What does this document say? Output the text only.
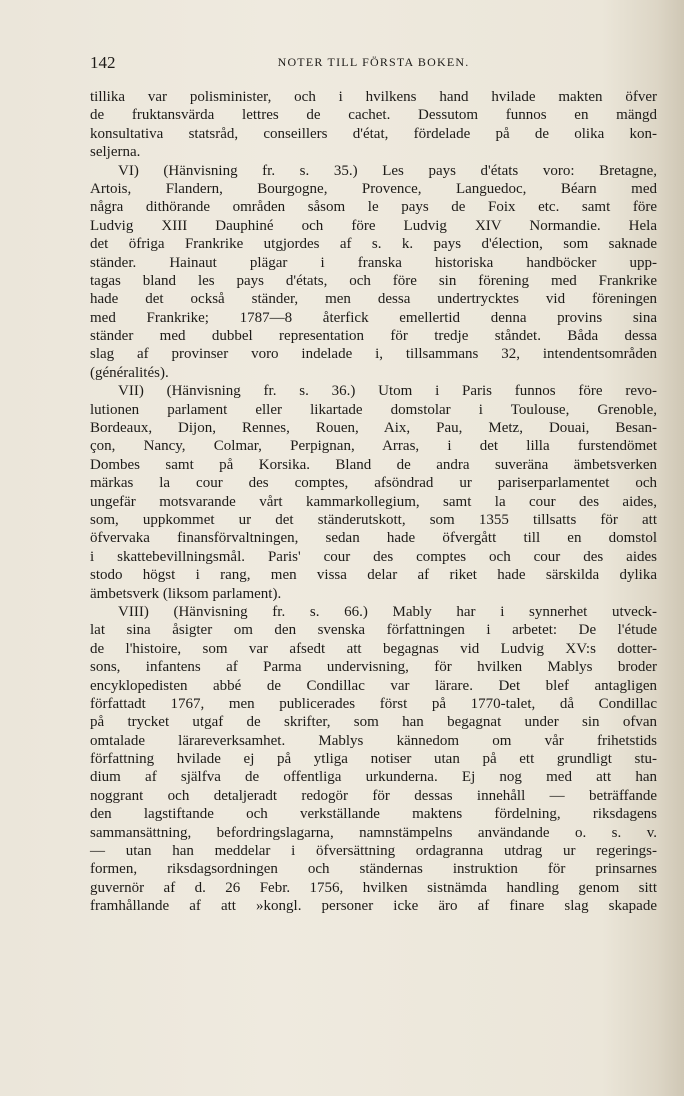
142	NOTER TILL FÖRSTA BOKEN.
tillika var polisminister, och i hvilkens hand hvilade makten öfver
de fruktansvärda lettres de cachet. Dessutom funnos en mängd
konsultativa statsråd, conseillers d'état, fördelade på de olika kon-
seljerna.
VI) (Hänvisning fr. s. 35.) Les pays d'états voro: Bretagne,
Artois, Flandern, Bourgogne, Provence, Languedoc, Béarn med
några dithörande områden såsom le pays de Foix etc. samt före
Ludvig XIII Dauphiné och före Ludvig XIV Normandie. Hela
det öfriga Frankrike utgjordes af s. k. pays d'élection, som saknade
ständer. Hainaut plägar i franska historiska handböcker upp-
tagas bland les pays d'états, och före sin förening med Frankrike
hade det också ständer, men dessa undertrycktes vid föreningen
med Frankrike; 1787—8 återfick emellertid denna provins sina
ständer med dubbel representation för tredje ståndet. Båda dessa
slag af provinser voro indelade i, tillsammans 32, intendentsområden
(généralités).
VII) (Hänvisning fr. s. 36.) Utom i Paris funnos före revo-
lutionen parlament eller likartade domstolar i Toulouse, Grenoble,
Bordeaux, Dijon, Rennes, Rouen, Aix, Pau, Metz, Douai, Besan-
çon, Nancy, Colmar, Perpignan, Arras, i det lilla furstendömet
Dombes samt på Korsika. Bland de andra suveräna ämbetsverken
märkas la cour des comptes, afsöndrad ur pariserparlamentet och
ungefär motsvarande vårt kammarkollegium, samt la cour des aides,
som, uppkommet ur det ständerutskott, som 1355 tillsatts för att
öfvervaka finansförvaltningen, sedan hade öfvergått till en domstol
i skattebevillningsmål. Paris' cour des comptes och cour des aides
stodo högst i rang, men vissa delar af riket hade särskilda dylika
ämbetsverk (liksom parlament).
VIII) (Hänvisning fr. s. 66.) Mably har i synnerhet utveck-
lat sina åsigter om den svenska författningen i arbetet: De l'étude
de l'histoire, som var afsedt att begagnas vid Ludvig XV:s dotter-
sons, infantens af Parma undervisning, för hvilken Mablys broder
encyklopedisten abbé de Condillac var lärare. Det blef antagligen
författadt 1767, men publicerades först på 1770-talet, då Condillac
på trycket utgaf de skrifter, som han begagnat under sin ofvan
omtalade lärareverksamhet. Mablys kännedom om vår frihetstids
författning hvilade ej på ytliga notiser utan på ett grundligt stu-
dium af själfva de offentliga urkunderna. Ej nog med att han
noggrant och detaljeradt redogör för dessas innehåll — beträffande
den lagstiftande och verkställande maktens fördelning, riksdagens
sammansättning, befordringslagarna, namnstämpelns användande o. s. v.
— utan han meddelar i öfversättning ordagranna utdrag ur regerings-
formen, riksdagsordningen och ständernas instruktion för prinsarnes
guvernör af d. 26 Febr. 1756, hvilken sistnämda handling genom sitt
framhållande af att »kongl. personer icke äro af finare slag skapade
